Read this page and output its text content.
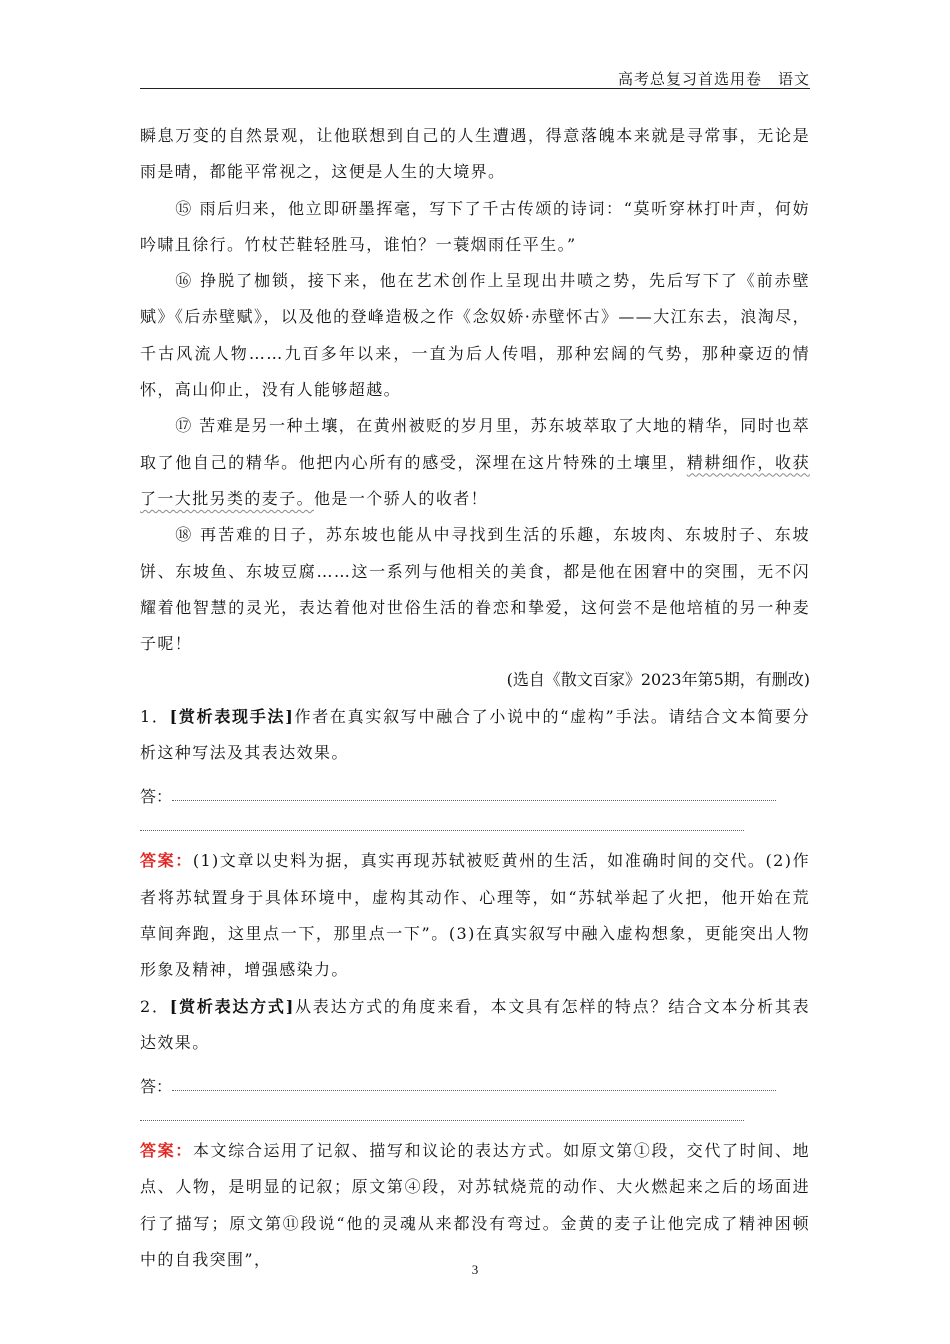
高考总复习首选用卷　语文

瞬息万变的自然景观，让他联想到自己的人生遭遇，得意落魄本来就是寻常事，无论是雨是晴，都能平常视之，这便是人生的大境界。

⑮ 雨后归来，他立即研墨挥毫，写下了千古传颂的诗词：“莫听穿林打叶声，何妨吟啸且徐行。竹杖芒鞋轻胜马，谁怕？一蓑烟雨任平生。”

⑯ 挣脱了枷锁，接下来，他在艺术创作上呈现出井喷之势，先后写下了《前赤壁赋》《后赤壁赋》，以及他的登峰造极之作《念奴娇·赤壁怀古》——大江东去，浪淘尽，千古风流人物……九百多年以来，一直为后人传唱，那种宏阔的气势，那种豪迈的情怀，高山仰止，没有人能够超越。

⑰ 苦难是另一种土壤，在黄州被贬的岁月里，苏东坡萃取了大地的精华，同时也萃取了他自己的精华。他把内心所有的感受，深埋在这片特殊的土壤里，精耕细作，收获了一大批另类的麦子。他是一个骄人的收者！

⑱ 再苦难的日子，苏东坡也能从中寻找到生活的乐趣，东坡肉、东坡肘子、东坡饼、东坡鱼、东坡豆腐……这一系列与他相关的美食，都是他在困窘中的突围，无不闪耀着他智慧的灵光，表达着他对世俗生活的眷恋和挚爱，这何尝不是他培植的另一种麦子呢！

(选自《散文百家》2023年第5期，有删改)

1．[赏析表现手法]作者在真实叙写中融合了小说中的“虚构”手法。请结合文本简要分析这种写法及其表达效果。

答：

答案：(1)文章以史料为据，真实再现苏轼被贬黄州的生活，如准确时间的交代。(2)作者将苏轼置身于具体环境中，虚构其动作、心理等，如“苏轼举起了火把，他开始在荒草间奔跑，这里点一下，那里点一下”。(3)在真实叙写中融入虚构想象，更能突出人物形象及精神，增强感染力。

2．[赏析表达方式]从表达方式的角度来看，本文具有怎样的特点？结合文本分析其表达效果。

答：

答案：本文综合运用了记叙、描写和议论的表达方式。如原文第①段，交代了时间、地点、人物，是明显的记叙；原文第④段，对苏轼烧荒的动作、大火燃起来之后的场面进行了描写；原文第⑪段说“他的灵魂从来都没有弯过。金黄的麦子让他完成了精神困顿中的自我突围”，

3
